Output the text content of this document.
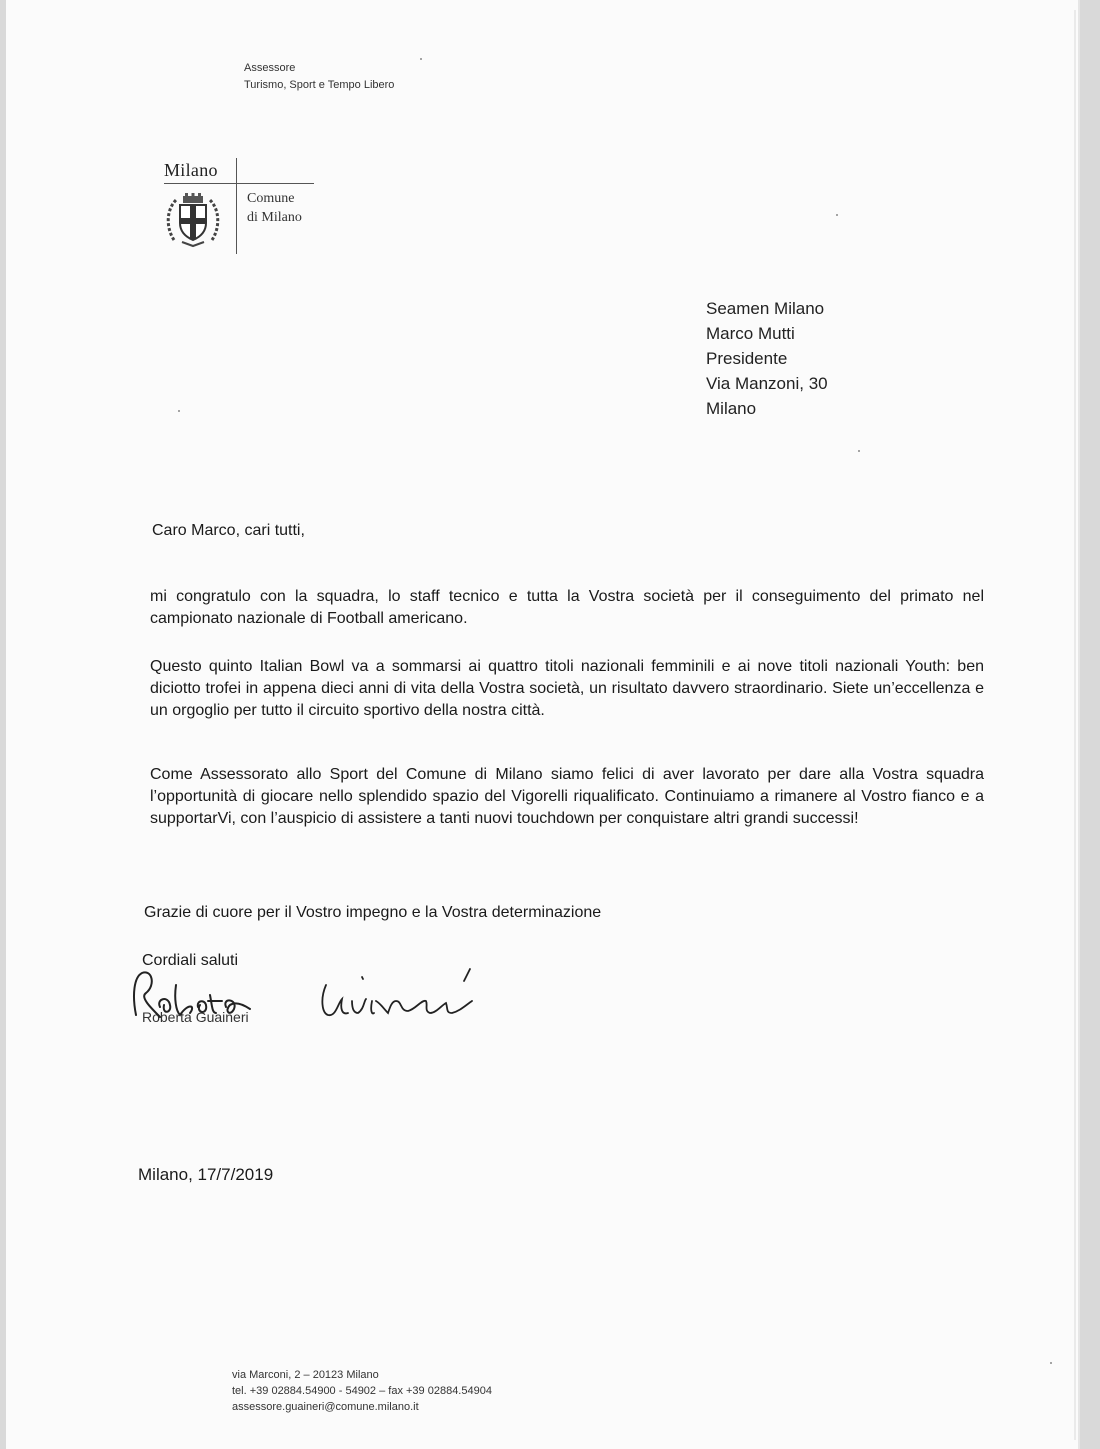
Assessore
Turismo, Sport e Tempo Libero
Milano
Comune
di Milano
Seamen Milano
Marco Mutti
Presidente
Via Manzoni, 30
Milano
Caro Marco, cari tutti,
mi congratulo con la squadra, lo staff tecnico e tutta la Vostra società per il conseguimento del primato nel campionato nazionale di Football americano.
Questo quinto Italian Bowl va a sommarsi ai quattro titoli nazionali femminili e ai nove titoli nazionali Youth: ben diciotto trofei in appena dieci anni di vita della Vostra società, un risultato davvero straordinario. Siete un’eccellenza e un orgoglio per tutto il circuito sportivo della nostra città.
Come Assessorato allo Sport del Comune di Milano siamo felici di aver lavorato per dare alla Vostra squadra l’opportunità di giocare nello splendido spazio del Vigorelli riqualificato. Continuiamo a rimanere al Vostro fianco e a supportarVi, con l’auspicio di assistere a tanti nuovi touchdown per conquistare altri grandi successi!
Grazie di cuore per il Vostro impegno e la Vostra determinazione
Cordiali saluti
Roberta Guaineri
Milano, 17/7/2019
via Marconi, 2 – 20123 Milano
tel. +39 02884.54900 - 54902 – fax +39 02884.54904
assessore.guaineri@comune.milano.it
